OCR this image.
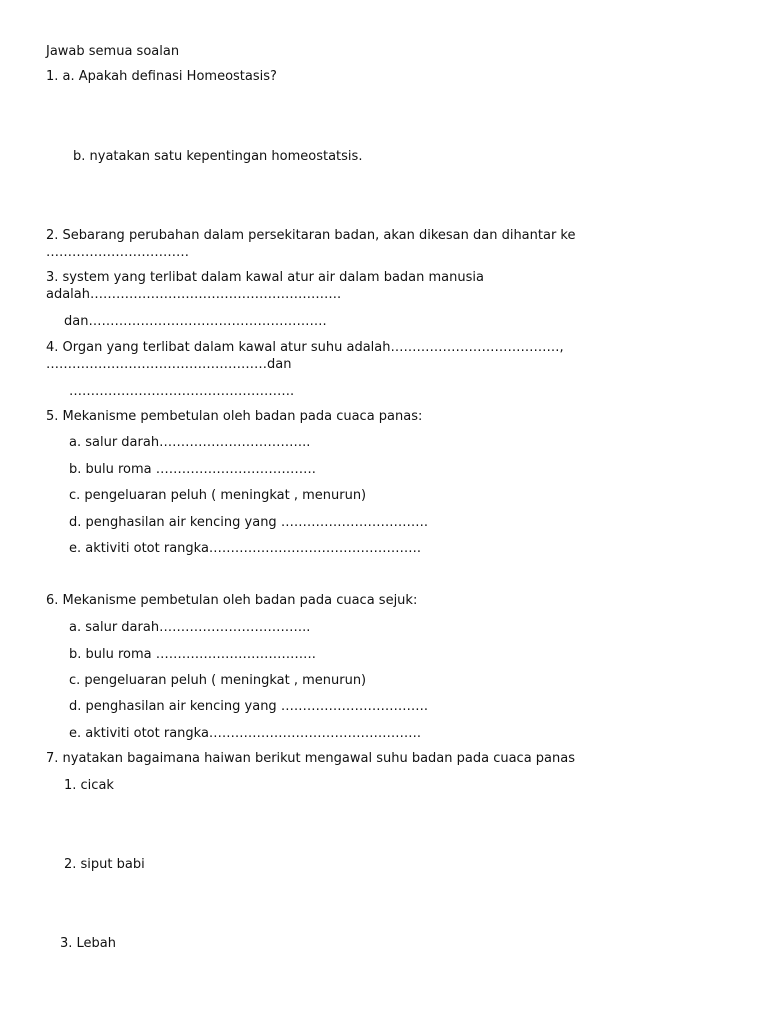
Jawab semua soalan
1. a. Apakah definasi Homeostasis?
b. nyatakan satu kepentingan homeostatsis.
2. Sebarang perubahan dalam persekitaran badan, akan dikesan dan dihantar ke
……………………………
3. system yang terlibat dalam kawal atur air dalam badan manusia
adalah………………………………………………….
dan……………………………………………….
4. Organ yang terlibat dalam kawal atur suhu adalah…………………………………,
……………………………………………dan
…………………………………………….
5. Mekanisme pembetulan oleh badan pada cuaca panas:
a. salur darah……………………………..
b. bulu roma ……………………………….
c. pengeluaran peluh ( meningkat , menurun)
d. penghasilan air kencing yang …………………………….
e. aktiviti otot rangka………………………………………….
6. Mekanisme pembetulan oleh badan pada cuaca sejuk:
a. salur darah……………………………..
b. bulu roma ……………………………….
c. pengeluaran peluh ( meningkat , menurun)
d. penghasilan air kencing yang …………………………….
e. aktiviti otot rangka………………………………………….
7. nyatakan bagaimana haiwan berikut mengawal suhu badan pada cuaca panas
1. cicak
2. siput babi
3. Lebah
